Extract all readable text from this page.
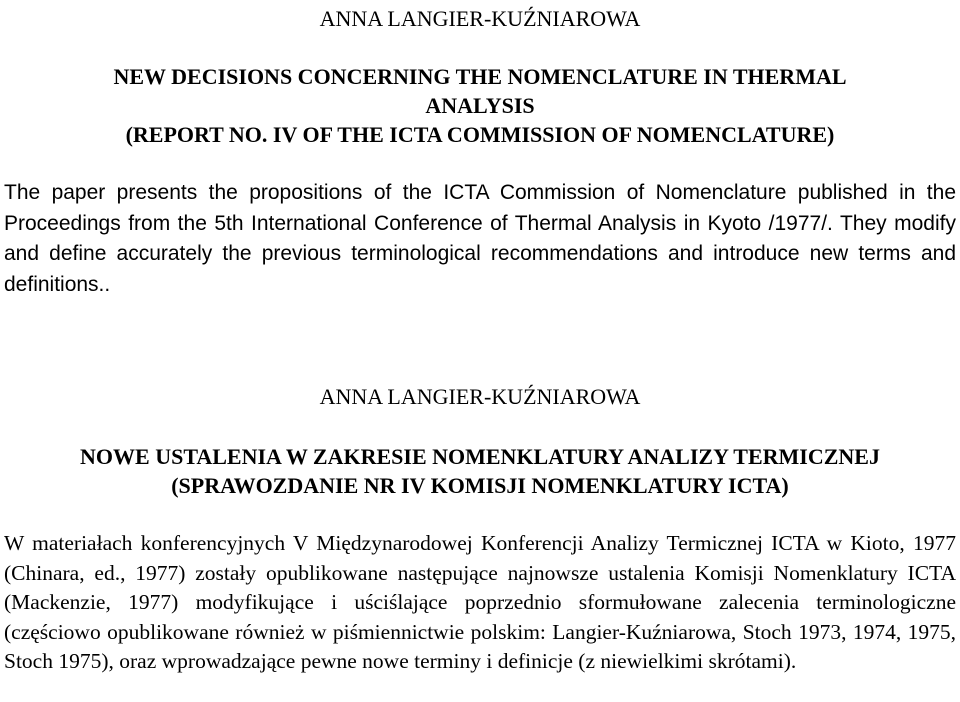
ANNA LANGIER-KUŹNIAROWA
NEW DECISIONS CONCERNING THE NOMENCLATURE IN THERMAL
ANALYSIS
(REPORT NO. IV OF THE ICTA COMMISSION OF NOMENCLATURE)
The paper presents the propositions of the ICTA Commission of Nomenclature published in the Proceedings from the 5th International Conference of Thermal Analysis in Kyoto /1977/. They modify and define accurately the previous terminological recommendations and introduce new terms and definitions..
ANNA LANGIER-KUŹNIAROWA
NOWE USTALENIA W ZAKRESIE NOMENKLATURY ANALIZY TERMICZNEJ
(SPRAWOZDANIE NR IV KOMISJI NOMENKLATURY ICTA)
W materiałach konferencyjnych V Międzynarodowej Konferencji Analizy Termicznej ICTA w Kioto, 1977 (Chinara, ed., 1977) zostały opublikowane następujące najnowsze ustalenia Komisji Nomenklatury ICTA (Mackenzie, 1977) modyfikujące i uściślające poprzednio sformułowane zalecenia terminologiczne (częściowo opublikowane również w piśmiennictwie polskim: Langier-Kuźniarowa, Stoch 1973, 1974, 1975, Stoch 1975), oraz wprowadzające pewne nowe terminy i definicje (z niewielkimi skrótami).
